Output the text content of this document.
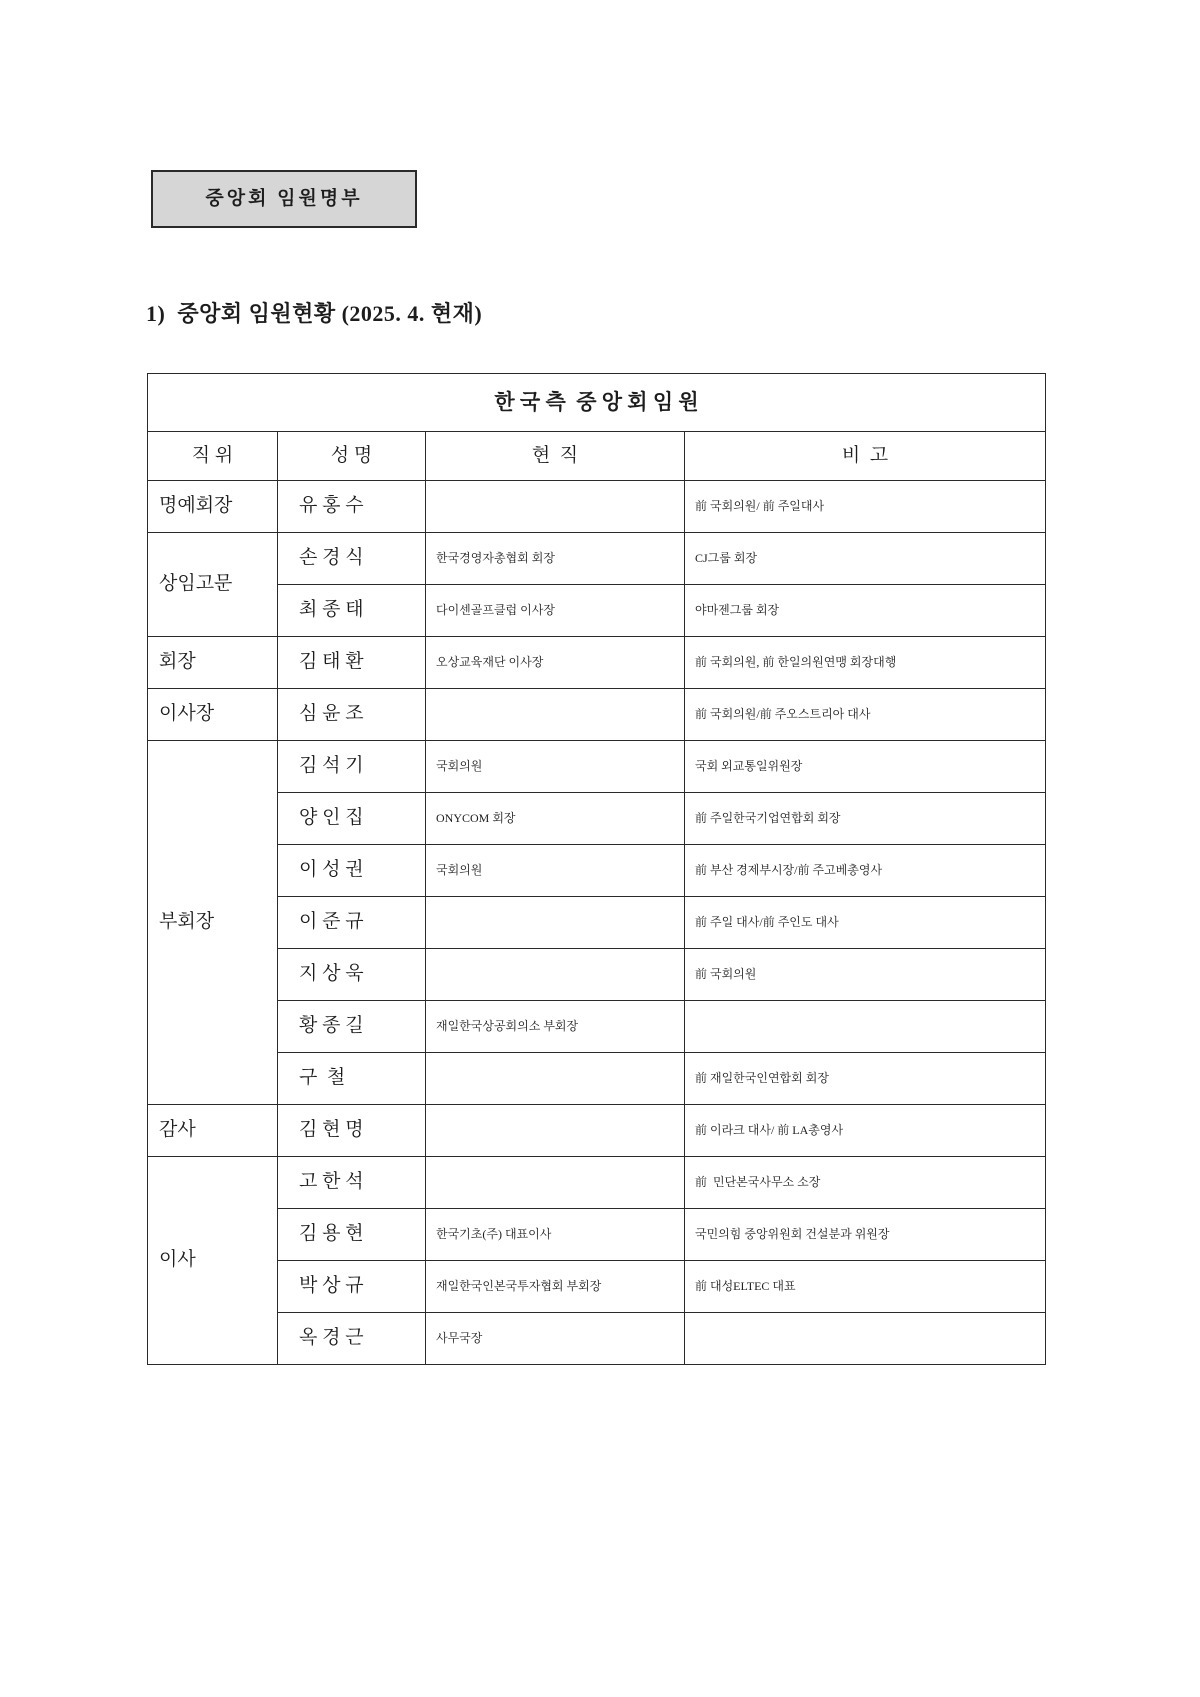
중앙회 임원명부
1)  중앙회 임원현황 (2025. 4. 현재)
한 국 측  중 앙 회 임 원			

직 위	성 명	현  직	비  고

명예회장	유 홍 수		前 국회의원/ 前 주일대사

상임고문	손 경 식	한국경영자총협회 회장	CJ그룹 회장

	최 종 태	다이센골프클럽 이사장	야마젠그룹 회장

회장	김 태 환	오상교육재단 이사장	前 국회의원, 前 한일의원연맹 회장대행

이사장	심 윤 조		前 국회의원/前 주오스트리아 대사

부회장	김 석 기	국회의원	국회 외교통일위원장

	양 인 집	ONYCOM 회장	前 주일한국기업연합회 회장

	이 성 권	국회의원	前 부산 경제부시장/前 주고베총영사

	이 준 규		前 주일 대사/前 주인도 대사

	지 상 욱		前 국회의원

	황 종 길	재일한국상공회의소 부회장	

	구  철		前 재일한국인연합회 회장

감사	김 현 명		前 이라크 대사/ 前 LA총영사

이사	고 한 석		前  민단본국사무소 소장

	김 용 현	한국기초(주) 대표이사	국민의힘 중앙위원회 건설분과 위원장

	박 상 규	재일한국인본국투자협회 부회장	前 대성ELTEC 대표

	옥 경 근	사무국장	
